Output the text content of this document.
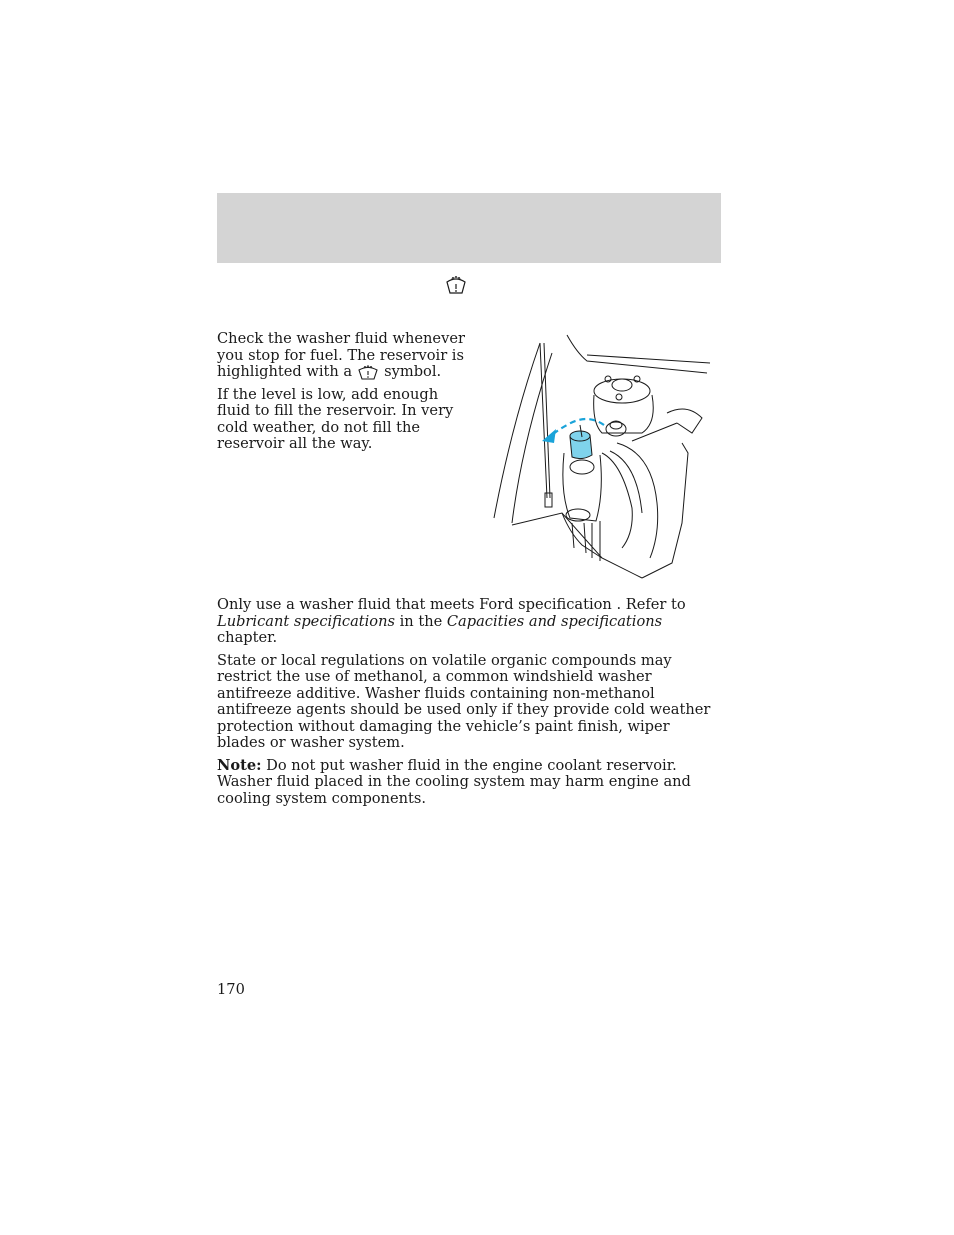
Check the washer fluid whenever you stop for fuel. The reservoir is highlighted with a symbol.

If the level is low, add enough fluid to fill the reservoir. In very cold weather, do not fill the reservoir all the way.

Only use a washer fluid that meets Ford specification . Refer to Lubricant specifications in the Capacities and specifications chapter.

State or local regulations on volatile organic compounds may restrict the use of methanol, a common windshield washer antifreeze additive. Washer fluids containing non-methanol antifreeze agents should be used only if they provide cold weather protection without damaging the vehicle’s paint finish, wiper blades or washer system.

Note: Do not put washer fluid in the engine coolant reservoir. Washer fluid placed in the cooling system may harm engine and cooling system components.

170
